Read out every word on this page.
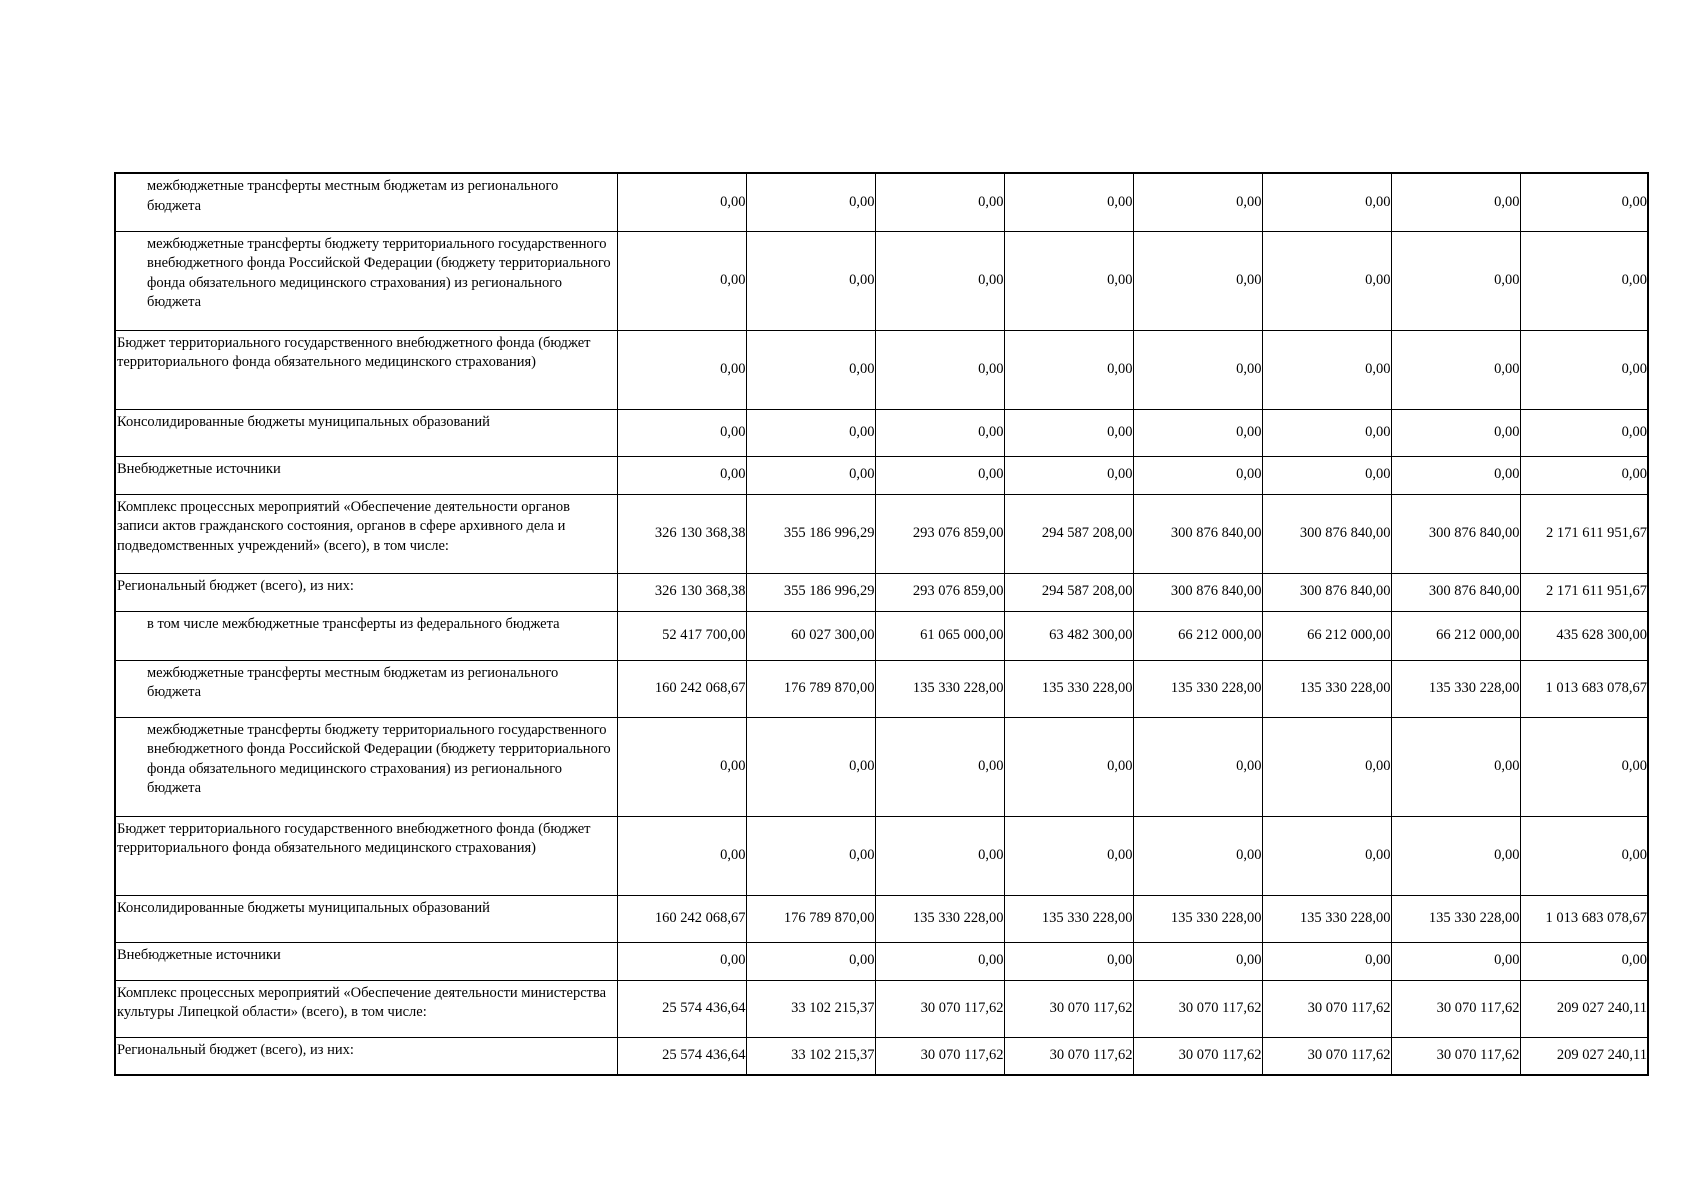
межбюджетные трансферты местным бюджетам из регионального бюджета	0,00	0,00	0,00	0,00	0,00	0,00	0,00	0,00
межбюджетные трансферты бюджету территориального государственного внебюджетного фонда Российской Федерации (бюджету территориального фонда обязательного медицинского страхования) из регионального бюджета	0,00	0,00	0,00	0,00	0,00	0,00	0,00	0,00
Бюджет территориального государственного внебюджетного фонда (бюджет территориального фонда обязательного медицинского страхования)	0,00	0,00	0,00	0,00	0,00	0,00	0,00	0,00
Консолидированные бюджеты муниципальных образований	0,00	0,00	0,00	0,00	0,00	0,00	0,00	0,00
Внебюджетные источники	0,00	0,00	0,00	0,00	0,00	0,00	0,00	0,00
Комплекс процессных мероприятий «Обеспечение деятельности органов записи актов гражданского состояния, органов в сфере архивного дела и подведомственных учреждений» (всего), в том числе:	326 130 368,38	355 186 996,29	293 076 859,00	294 587 208,00	300 876 840,00	300 876 840,00	300 876 840,00	2 171 611 951,67
Региональный бюджет (всего), из них:	326 130 368,38	355 186 996,29	293 076 859,00	294 587 208,00	300 876 840,00	300 876 840,00	300 876 840,00	2 171 611 951,67
в том числе межбюджетные трансферты из федерального бюджета	52 417 700,00	60 027 300,00	61 065 000,00	63 482 300,00	66 212 000,00	66 212 000,00	66 212 000,00	435 628 300,00
межбюджетные трансферты местным бюджетам из регионального бюджета	160 242 068,67	176 789 870,00	135 330 228,00	135 330 228,00	135 330 228,00	135 330 228,00	135 330 228,00	1 013 683 078,67
межбюджетные трансферты бюджету территориального государственного внебюджетного фонда Российской Федерации (бюджету территориального фонда обязательного медицинского страхования) из регионального бюджета	0,00	0,00	0,00	0,00	0,00	0,00	0,00	0,00
Бюджет территориального государственного внебюджетного фонда (бюджет территориального фонда обязательного медицинского страхования)	0,00	0,00	0,00	0,00	0,00	0,00	0,00	0,00
Консолидированные бюджеты муниципальных образований	160 242 068,67	176 789 870,00	135 330 228,00	135 330 228,00	135 330 228,00	135 330 228,00	135 330 228,00	1 013 683 078,67
Внебюджетные источники	0,00	0,00	0,00	0,00	0,00	0,00	0,00	0,00
Комплекс процессных мероприятий «Обеспечение деятельности министерства культуры Липецкой области» (всего), в том числе:	25 574 436,64	33 102 215,37	30 070 117,62	30 070 117,62	30 070 117,62	30 070 117,62	30 070 117,62	209 027 240,11
Региональный бюджет (всего), из них:	25 574 436,64	33 102 215,37	30 070 117,62	30 070 117,62	30 070 117,62	30 070 117,62	30 070 117,62	209 027 240,11
